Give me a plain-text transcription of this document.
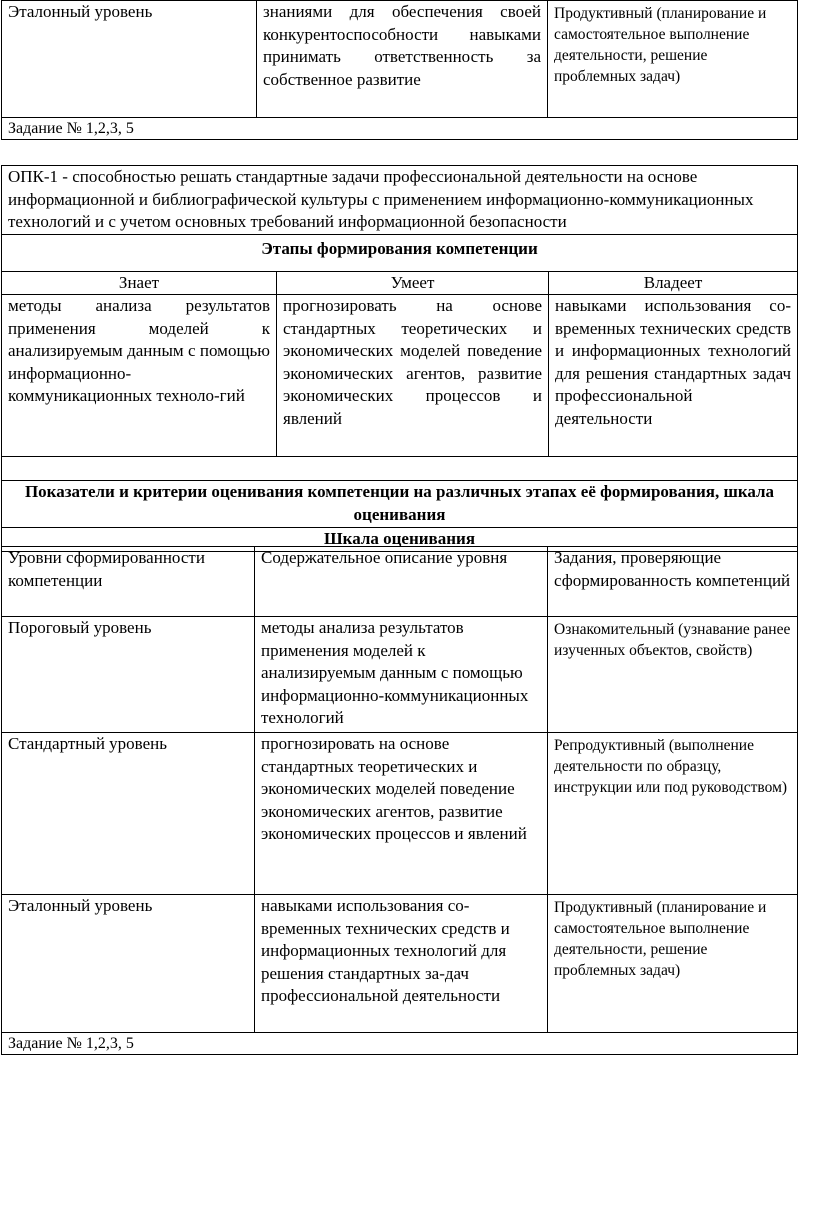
Эталонный уровень	знаниями для обеспечения своей конкурентоспособности навыками принимать ответственность за собственное развитие	Продуктивный (планирование и самостоятельное выполнение деятельности, решение проблемных задач)
Задание № 1,2,3, 5
ОПК-1 - способностью решать стандартные задачи профессиональной деятельности на основе информационной и библиографической культуры с применением информационно-коммуникационных технологий и с учетом основных требований информационной безопасности		
Этапы формирования компетенции		
Знает	Умеет	Владеет
методы анализа результатов применения моделей к анализируемым данным с помощью информационно-коммуникационных техноло-гий	прогнозировать на основе стандартных теоретических и экономических моделей поведение экономических агентов, развитие экономических процессов и явлений	навыками использования со-временных технических средств и информационных технологий для решения стандартных задач профессиональной деятельности

Показатели и критерии оценивания компетенции на различных этапах её формирования, шкала оценивания		
Шкала оценивания		
Уровни сформированности компетенции	Содержательное описание уровня	Задания, проверяющие сформированность компетенций
Пороговый уровень	методы анализа результатов применения моделей к анализируемым данным с помощью информационно-коммуникационных технологий	Ознакомительный (узнавание ранее изученных объектов, свойств)
Стандартный уровень	прогнозировать на основе стандартных теоретических и экономических моделей поведение экономических агентов, развитие экономических процессов и явлений	Репродуктивный (выполнение деятельности по образцу, инструкции или под руководством)
Эталонный уровень	навыками использования со-временных технических средств и информационных технологий для решения стандартных за-дач профессиональной деятельности	Продуктивный (планирование и самостоятельное выполнение деятельности, решение проблемных задач)
Задание № 1,2,3, 5		
